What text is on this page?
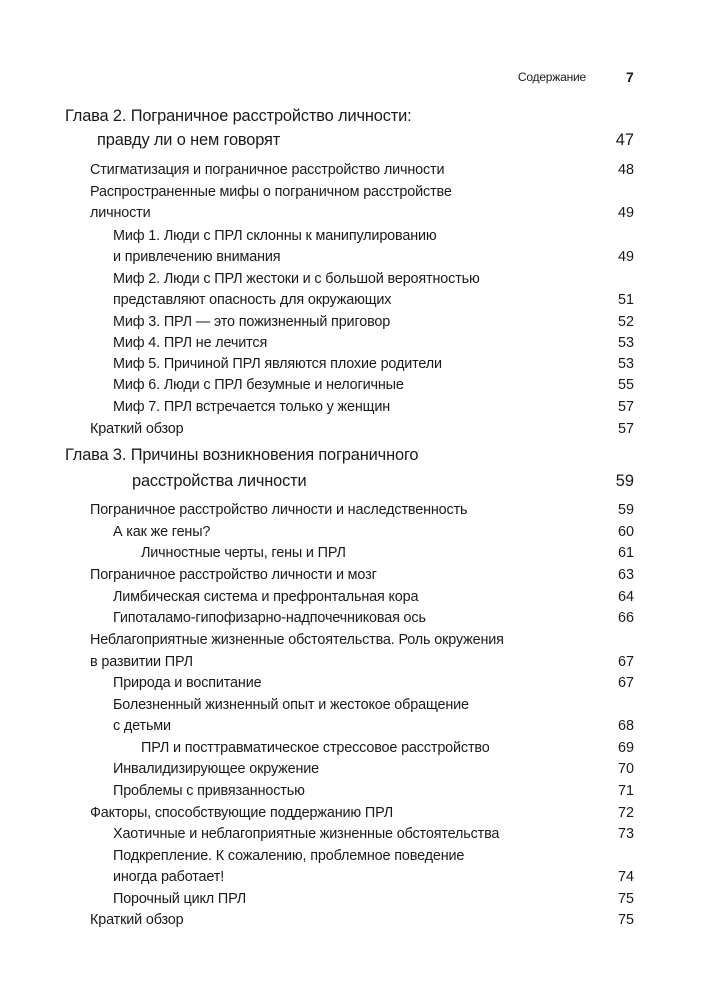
Содержание	7
Глава 2. Пограничное расстройство личности:
правду ли о нем говорят	47
Стигматизация и пограничное расстройство личности	48
Распространенные мифы о пограничном расстройстве
личности	49
Миф 1. Люди с ПРЛ склонны к манипулированию
и привлечению внимания	49
Миф 2. Люди с ПРЛ жестоки и с большой вероятностью
представляют опасность для окружающих	51
Миф 3. ПРЛ — это пожизненный приговор	52
Миф 4. ПРЛ не лечится	53
Миф 5. Причиной ПРЛ являются плохие родители	53
Миф 6. Люди с ПРЛ безумные и нелогичные	55
Миф 7. ПРЛ встречается только у женщин	57
Краткий обзор	57
Глава 3. Причины возникновения пограничного
расстройства личности	59
Пограничное расстройство личности и наследственность	59
А как же гены?	60
Личностные черты, гены и ПРЛ	61
Пограничное расстройство личности и мозг	63
Лимбическая система и префронтальная кора	64
Гипоталамо-гипофизарно-надпочечниковая ось	66
Неблагоприятные жизненные обстоятельства. Роль окружения
в развитии ПРЛ	67
Природа и воспитание	67
Болезненный жизненный опыт и жестокое обращение
с детьми	68
ПРЛ и посттравматическое стрессовое расстройство	69
Инвалидизирующее окружение	70
Проблемы с привязанностью	71
Факторы, способствующие поддержанию ПРЛ	72
Хаотичные и неблагоприятные жизненные обстоятельства	73
Подкрепление. К сожалению, проблемное поведение
иногда работает!	74
Порочный цикл ПРЛ	75
Краткий обзор	75
